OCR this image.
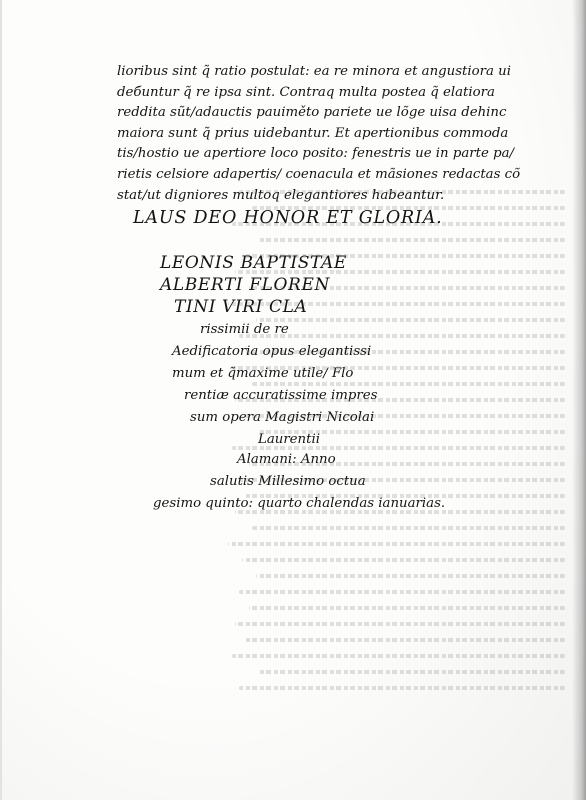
lioribus sint q̃ ratio postulat: ea re minora et angustiora ui
deбuntur q̃ re ipsa sint. Contraq multa postea q̃ elatiora
reddita sũt/adauctis pauiměto pariete ue lõge uisa dehinc
maiora sunt q̃ prius uidebantur. Et apertionibus commoda
tis/hostio ue apertiore loco posito: fenestris ue in parte pa/
rietis celsiore adapertis/ coenacula et mãsiones redactas cõ
stat/ut digniores multoq elegantiores habeantur.
LAUS DEO HONOR ET GLORIA.
LEONIS BAPTISTAE
ALBERTI FLOREN
TINI VIRI CLA
rissimii de re
Aedificatoria opus elegantissi
mum et q̃maxime utile/ Flo
rentiæ accuratissime impres
sum opera Magistri Nicolai
Laurentii
Alamani: Anno
salutis Millesimo octua
gesimo quinto: quarto chalendas ianuarias.
